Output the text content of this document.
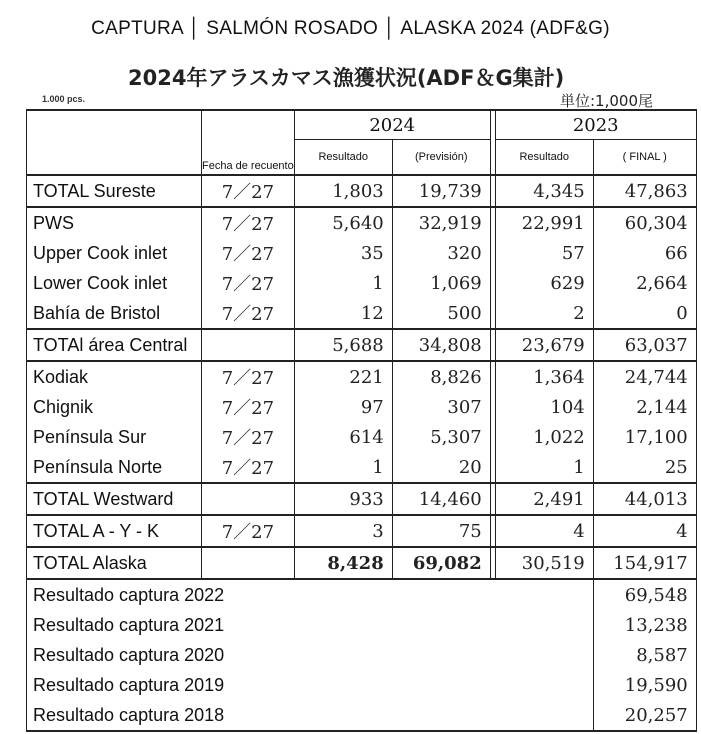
CAPTURA │ SALMÓN ROSADO │ ALASKA 2024 (ADF&G)
2024年アラスカマス漁獲状況(ADF＆G集計)
1.000 pcs.	単位:1,000尾
	Fecha de recuento	2024			2023	
		Resultado	(Previsión)		Resultado	( FINAL )
TOTAL Sureste	7／27	1,803	19,739		4,345	47,863
PWS	7／27	5,640	32,919		22,991	60,304
Upper Cook inlet	7／27	35	320		57	66
Lower Cook inlet	7／27	1	1,069		629	2,664
Bahía de Bristol	7／27	12	500		2	0
TOTAl área Central		5,688	34,808		23,679	63,037
Kodiak	7／27	221	8,826		1,364	24,744
Chignik	7／27	97	307		104	2,144
Península Sur	7／27	614	5,307		1,022	17,100
Península Norte	7／27	1	20		1	25
TOTAL Westward		933	14,460		2,491	44,013
TOTAL A - Y - K	7／27	3	75		4	4
TOTAL Alaska		8,428	69,082		30,519	154,917
Resultado captura 2022						69,548
Resultado captura 2021						13,238
Resultado captura 2020						8,587
Resultado captura 2019						19,590
Resultado captura 2018						20,257
